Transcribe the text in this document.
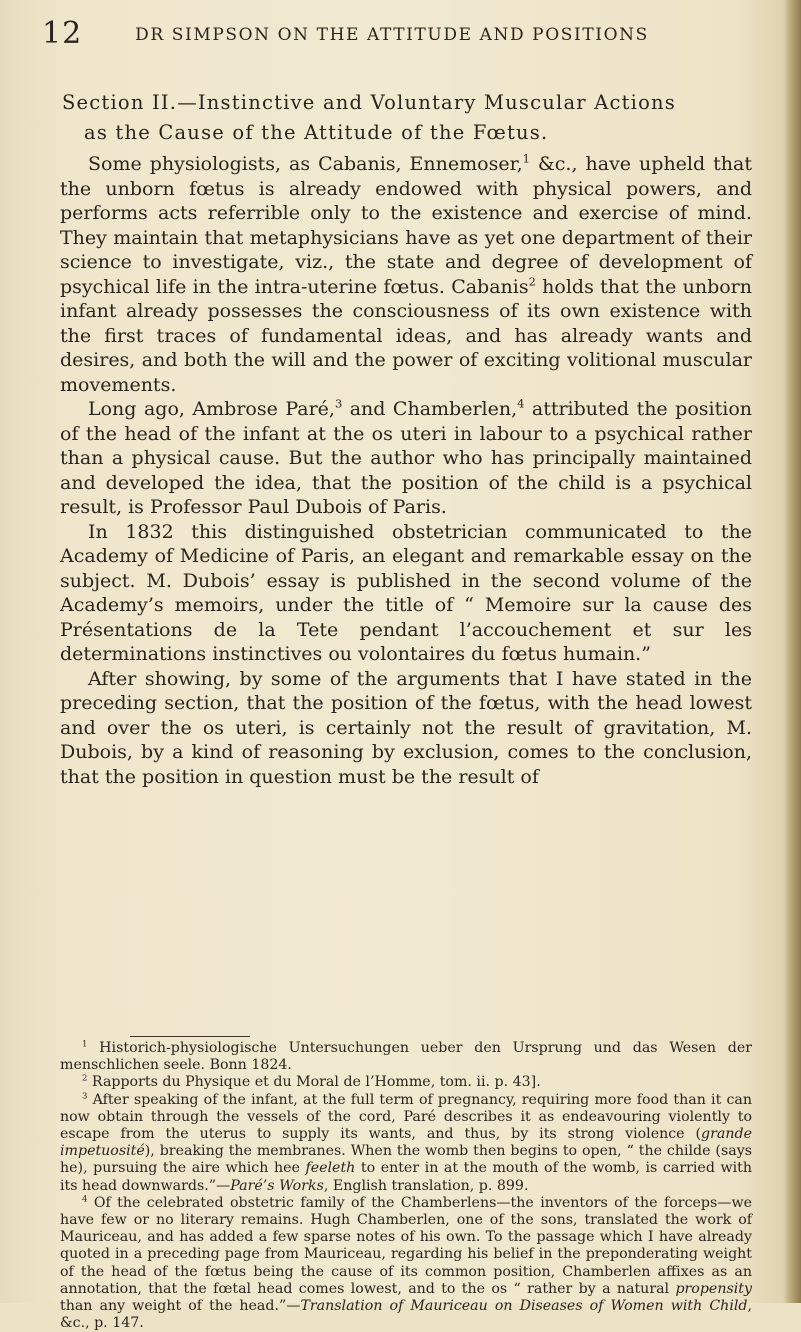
12	DR SIMPSON ON THE ATTITUDE AND POSITIONS
Section II.—Instinctive and Voluntary Muscular Actions
as the Cause of the Attitude of the Fœtus.

Some physiologists, as Cabanis, Ennemoser,$^1$ &c., have upheld that the unborn fœtus is already endowed with physical powers, and performs acts referrible only to the existence and exercise of mind. They maintain that metaphysicians have as yet one department of their science to investigate, viz., the state and degree of development of psychical life in the intra-uterine fœtus. Cabanis$^2$ holds that the unborn infant already possesses the consciousness of its own existence with the first traces of fundamental ideas, and has already wants and desires, and both the will and the power of exciting volitional muscular movements.

Long ago, Ambrose Paré,$^3$ and Chamberlen,$^4$ attributed the position of the head of the infant at the os uteri in labour to a psychical rather than a physical cause. But the author who has principally maintained and developed the idea, that the position of the child is a psychical result, is Professor Paul Dubois of Paris.

In 1832 this distinguished obstetrician communicated to the Academy of Medicine of Paris, an elegant and remarkable essay on the subject. M. Dubois’ essay is published in the second volume of the Academy’s memoirs, under the title of “ Memoire sur la cause des Présentations de la Tete pendant l’accouchement et sur les determinations instinctives ou volontaires du fœtus humain.”

After showing, by some of the arguments that I have stated in the preceding section, that the position of the fœtus, with the head lowest and over the os uteri, is certainly not the result of gravitation, M. Dubois, by a kind of reasoning by exclusion, comes to the conclusion, that the position in question must be the result of

$^1$ Historich-physiologische Untersuchungen ueber den Ursprung und das Wesen der menschlichen seele. Bonn 1824.

$^2$ Rapports du Physique et du Moral de l’Homme, tom. ii. p. 43].

$^3$ After speaking of the infant, at the full term of pregnancy, requiring more food than it can now obtain through the vessels of the cord, Paré describes it as endeavouring violently to escape from the uterus to supply its wants, and thus, by its strong violence (grande impetuosité), breaking the membranes. When the womb then begins to open, “ the childe (says he), pursuing the aire which hee feeleth to enter in at the mouth of the womb, is carried with its head downwards.”—Paré’s Works, English translation, p. 899.

$^4$ Of the celebrated obstetric family of the Chamberlens—the inventors of the forceps—we have few or no literary remains. Hugh Chamberlen, one of the sons, translated the work of Mauriceau, and has added a few sparse notes of his own. To the passage which I have already quoted in a preceding page from Mauriceau, regarding his belief in the preponderating weight of the head of the fœtus being the cause of its common position, Chamberlen affixes as an annotation, that the fœtal head comes lowest, and to the os “ rather by a natural propensity than any weight of the head.”—Translation of Mauriceau on Diseases of Women with Child, &c., p. 147.
